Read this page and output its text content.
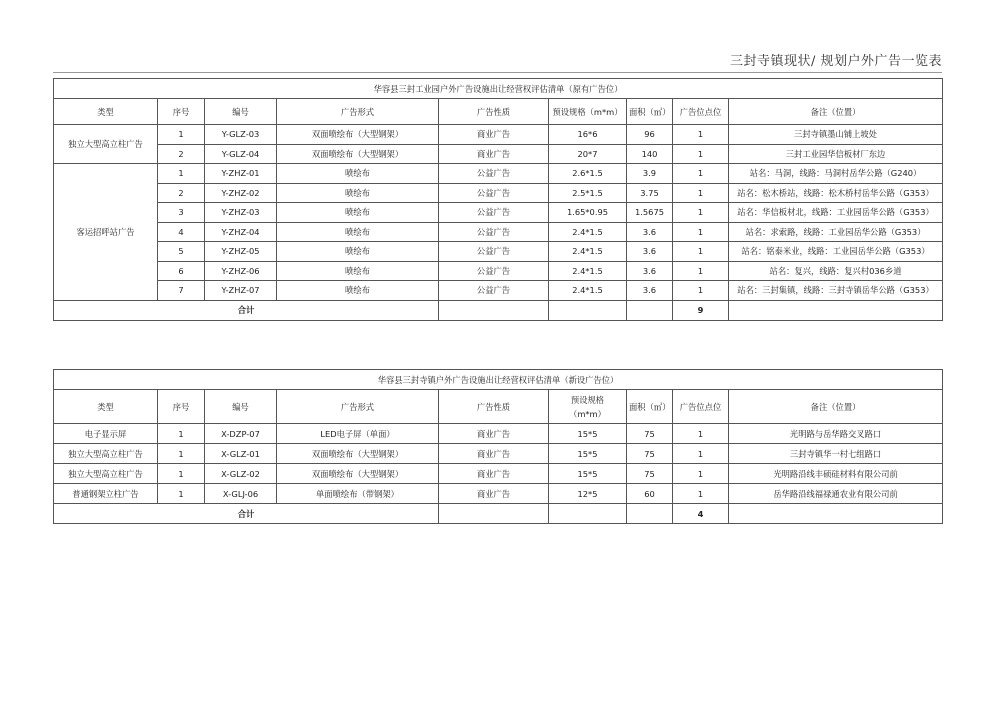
三封寺镇现状/ 规划户外广告一览表
华容县三封工业园户外广告设施出让经营权评估清单（原有广告位）								
类型	序号	编号	广告形式	广告性质	预设规格（m*m）	面积（㎡）	广告位点位	备注（位置）
独立大型高立柱广告	1	Y-GLZ-03	双面喷绘布（大型钢架）	商业广告	16*6	96	1	三封寺镇墨山铺上坡处
	2	Y-GLZ-04	双面喷绘布（大型钢架）	商业广告	20*7	140	1	三封工业园华信板材厂东边
客运招呼站广告	1	Y-ZHZ-01	喷绘布	公益广告	2.6*1.5	3.9	1	站名：马洞，线路：马洞村岳华公路（G240）
	2	Y-ZHZ-02	喷绘布	公益广告	2.5*1.5	3.75	1	站名：松木桥站，线路：松木桥村岳华公路（G353）
	3	Y-ZHZ-03	喷绘布	公益广告	1.65*0.95	1.5675	1	站名：华信板材北，线路：工业园岳华公路（G353）
	4	Y-ZHZ-04	喷绘布	公益广告	2.4*1.5	3.6	1	站名：求索路，线路：工业园岳华公路（G353）
	5	Y-ZHZ-05	喷绘布	公益广告	2.4*1.5	3.6	1	站名：铭泰米业，线路：工业园岳华公路（G353）
	6	Y-ZHZ-06	喷绘布	公益广告	2.4*1.5	3.6	1	站名：复兴，线路：复兴村036乡道
	7	Y-ZHZ-07	喷绘布	公益广告	2.4*1.5	3.6	1	站名：三封集镇，线路：三封寺镇岳华公路（G353）
合计							9	
华容县三封寺镇户外广告设施出让经营权评估清单（新设广告位）								
类型	序号	编号	广告形式	广告性质	预设规格（m*m）	面积（㎡）	广告位点位	备注（位置）
电子显示屏	1	X-DZP-07	LED电子屏（单面）	商业广告	15*5	75	1	光明路与岳华路交叉路口
独立大型高立柱广告	1	X-GLZ-01	双面喷绘布（大型钢架）	商业广告	15*5	75	1	三封寺镇华一村七组路口
独立大型高立柱广告	1	X-GLZ-02	双面喷绘布（大型钢架）	商业广告	15*5	75	1	光明路沿线丰硕硅材料有限公司前
普通钢架立柱广告	1	X-GLJ-06	单面喷绘布（带钢架）	商业广告	12*5	60	1	岳华路沿线福禄通农业有限公司前
合计							4	
